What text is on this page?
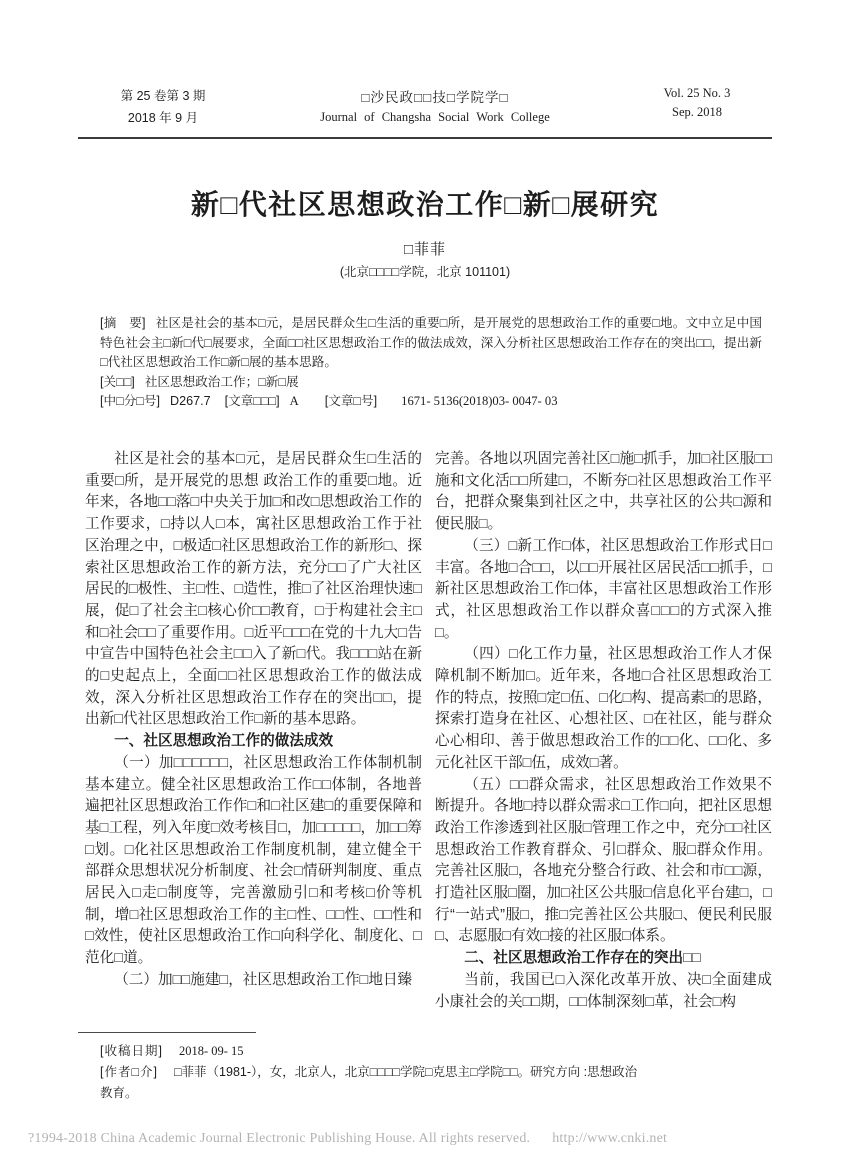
第 25 卷第 3 期
2018 年 9 月
□沙民政□□技□学院学□
Journal of Changsha Social Work College
Vol. 25 No. 3
Sep. 2018
新□代社区思想政治工作□新□展研究
□菲菲
(北京□□□□学院，北京 101101)

[摘　要] 社区是社会的基本□元，是居民群众生□生活的重要□所，是开展党的思想政治工作的重要□地。文中立足中国特色社会主□新□代□展要求，全面□□社区思想政治工作的做法成效，深入分析社区思想政治工作存在的突出□□，提出新□代社区思想政治工作□新□展的基本思路。

[关□□] 社区思想政治工作；□新□展

[中□分□号] D267.7 [文章□□□] A [文章□号] 1671- 5136(2018)03- 0047- 03

社区是社会的基本□元，是居民群众生□生活的重要□所，是开展党的思想 政治工作的重要□地。近年来，各地□□落□中央关于加□和改□思想政治工作的工作要求，□持以人□本，寓社区思想政治工作于社区治理之中，□极适□社区思想政治工作的新形□、探索社区思想政治工作的新方法，充分□□了广大社区居民的□极性、主□性、□造性，推□了社区治理快速□展，促□了社会主□核心价□□教育，□于构建社会主□和□社会□□了重要作用。□近平□□□在党的十九大□告中宣告中国特色社会主□□入了新□代。我□□□站在新的□史起点上，全面□□社区思想政治工作的做法成效，深入分析社区思想政治工作存在的突出□□，提出新□代社区思想政治工作□新的基本思路。

一、社区思想政治工作的做法成效

（一）加□□□□□□，社区思想政治工作体制机制基本建立。健全社区思想政治工作□□体制，各地普遍把社区思想政治工作作□和□社区建□的重要保障和基□工程，列入年度□效考核目□，加□□□□□，加□□筹□划。□化社区思想政治工作制度机制，建立健全干部群众思想状况分析制度、社会□情研判制度、重点居民入□走□制度等，完善激励引□和考核□价等机制，增□社区思想政治工作的主□性、□□性、□□性和□效性，使社区思想政治工作□向科学化、制度化、□范化□道。

（二）加□□施建□，社区思想政治工作□地日臻

完善。各地以巩固完善社区□施□抓手，加□社区服□□施和文化活□□所建□，不断夯□社区思想政治工作平台，把群众聚集到社区之中，共享社区的公共□源和便民服□。

（三）□新工作□体，社区思想政治工作形式日□丰富。各地□合□□，以□□开展社区居民活□□抓手，□新社区思想政治工作□体，丰富社区思想政治工作形式，社区思想政治工作以群众喜□□□的方式深入推□。

（四）□化工作力量，社区思想政治工作人才保障机制不断加□。近年来，各地□合社区思想政治工作的特点，按照□定□伍、□化□构、提高素□的思路，探索打造身在社区、心想社区、□在社区，能与群众心心相印、善于做思想政治工作的□□化、□□化、多元化社区干部□伍，成效□著。

（五）□□群众需求，社区思想政治工作效果不断提升。各地□持以群众需求□工作□向，把社区思想政治工作渗透到社区服□管理工作之中，充分□□社区思想政治工作教育群众、引□群众、服□群众作用。完善社区服□，各地充分整合行政、社会和市□□源，打造社区服□圈，加□社区公共服□信息化平台建□，□行“一站式”服□，推□完善社区公共服□、便民利民服□、志愿服□有效□接的社区服□体系。

二、社区思想政治工作存在的突出□□

当前，我国已□入深化改革开放、决□全面建成小康社会的关□□期，□□体制深刻□革，社会□构

[收稿日期] 2018- 09- 15
[作者□介] □菲菲（1981-），女，北京人，北京□□□□学院□克思主□学院□□。研究方向 :思想政治教育。
?1994-2018 China Academic Journal Electronic Publishing House. All rights reserved. http://www.cnki.net
